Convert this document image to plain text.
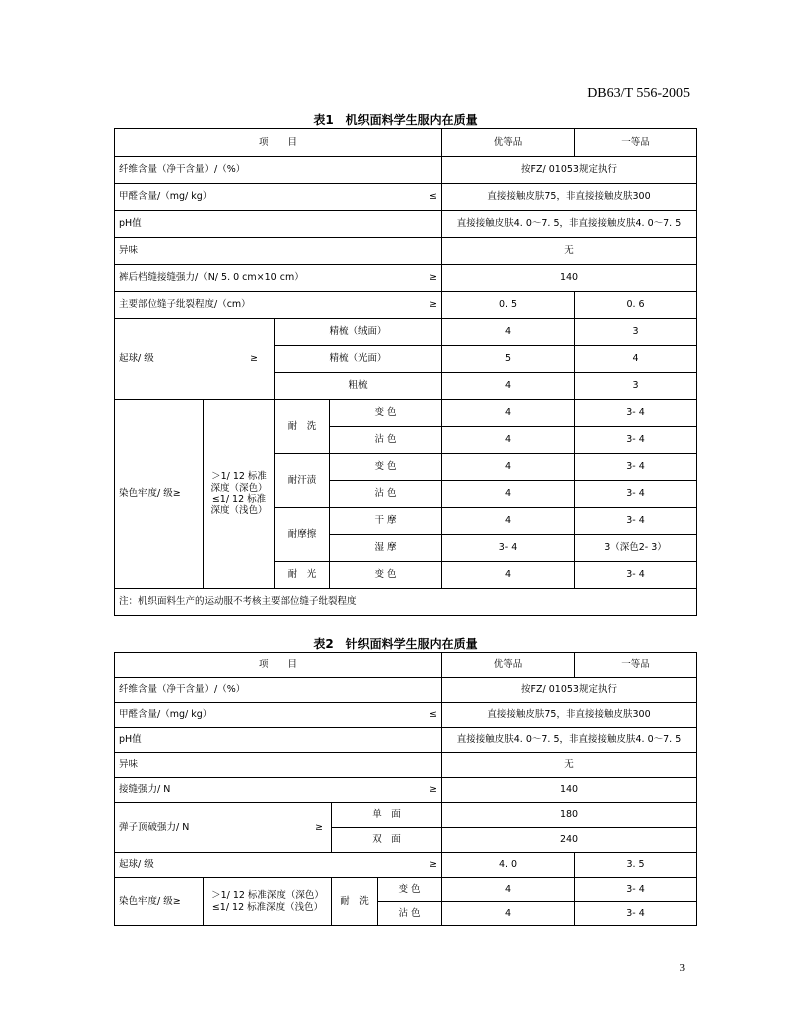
DB63/T 556-2005
表1　机织面料学生服内在质量
项　　目				优等品	一等品
纤维含量（净干含量）/（%）				按FZ/ 01053规定执行	

甲醛含量/（mg/ kg） ≤				直接接触皮肤75，非直接接触皮肤300	
pH值				直接接触皮肤4. 0～7. 5，非直接接触皮肤4. 0～7. 5	
异味				无	

裤后档缝接缝强力/（N/ 5. 0 cm×10 cm） ≥				140	

主要部位缝子纰裂程度/（cm） ≥				0. 5	0. 6

起球/ 级 ≥		精梳（绒面）		4	3
		精梳（光面）		5	4
		粗梳		4	3
染色牢度/ 级≥	＞1/ 12 标准深度（深色）
≤1/ 12 标准深度（浅色）	耐　洗	变 色	4	3- 4
			沾 色	4	3- 4
		耐汗渍	变 色	4	3- 4
			沾 色	4	3- 4
		耐摩擦	干 摩	4	3- 4
			湿 摩	3- 4	3（深色2- 3）
		耐　光	变 色	4	3- 4
注：机织面料生产的运动服不考核主要部位缝子纰裂程度					
表2　针织面料学生服内在质量
项　　目				优等品	一等品
纤维含量（净干含量）/（%）				按FZ/ 01053规定执行	

甲醛含量/（mg/ kg） ≤				直接接触皮肤75，非直接接触皮肤300	
pH值				直接接触皮肤4. 0～7. 5，非直接接触皮肤4. 0～7. 5	
异味				无	

接缝强力/ N ≥				140	

弹子顶破强力/ N ≥		单　面		180	
		双　面		240	

起球/ 级 ≥				4. 0	3. 5
染色牢度/ 级≥	＞1/ 12 标准深度（深色）
≤1/ 12 标准深度（浅色）	耐　洗	变 色	4	3- 4
			沾 色	4	3- 4
3
